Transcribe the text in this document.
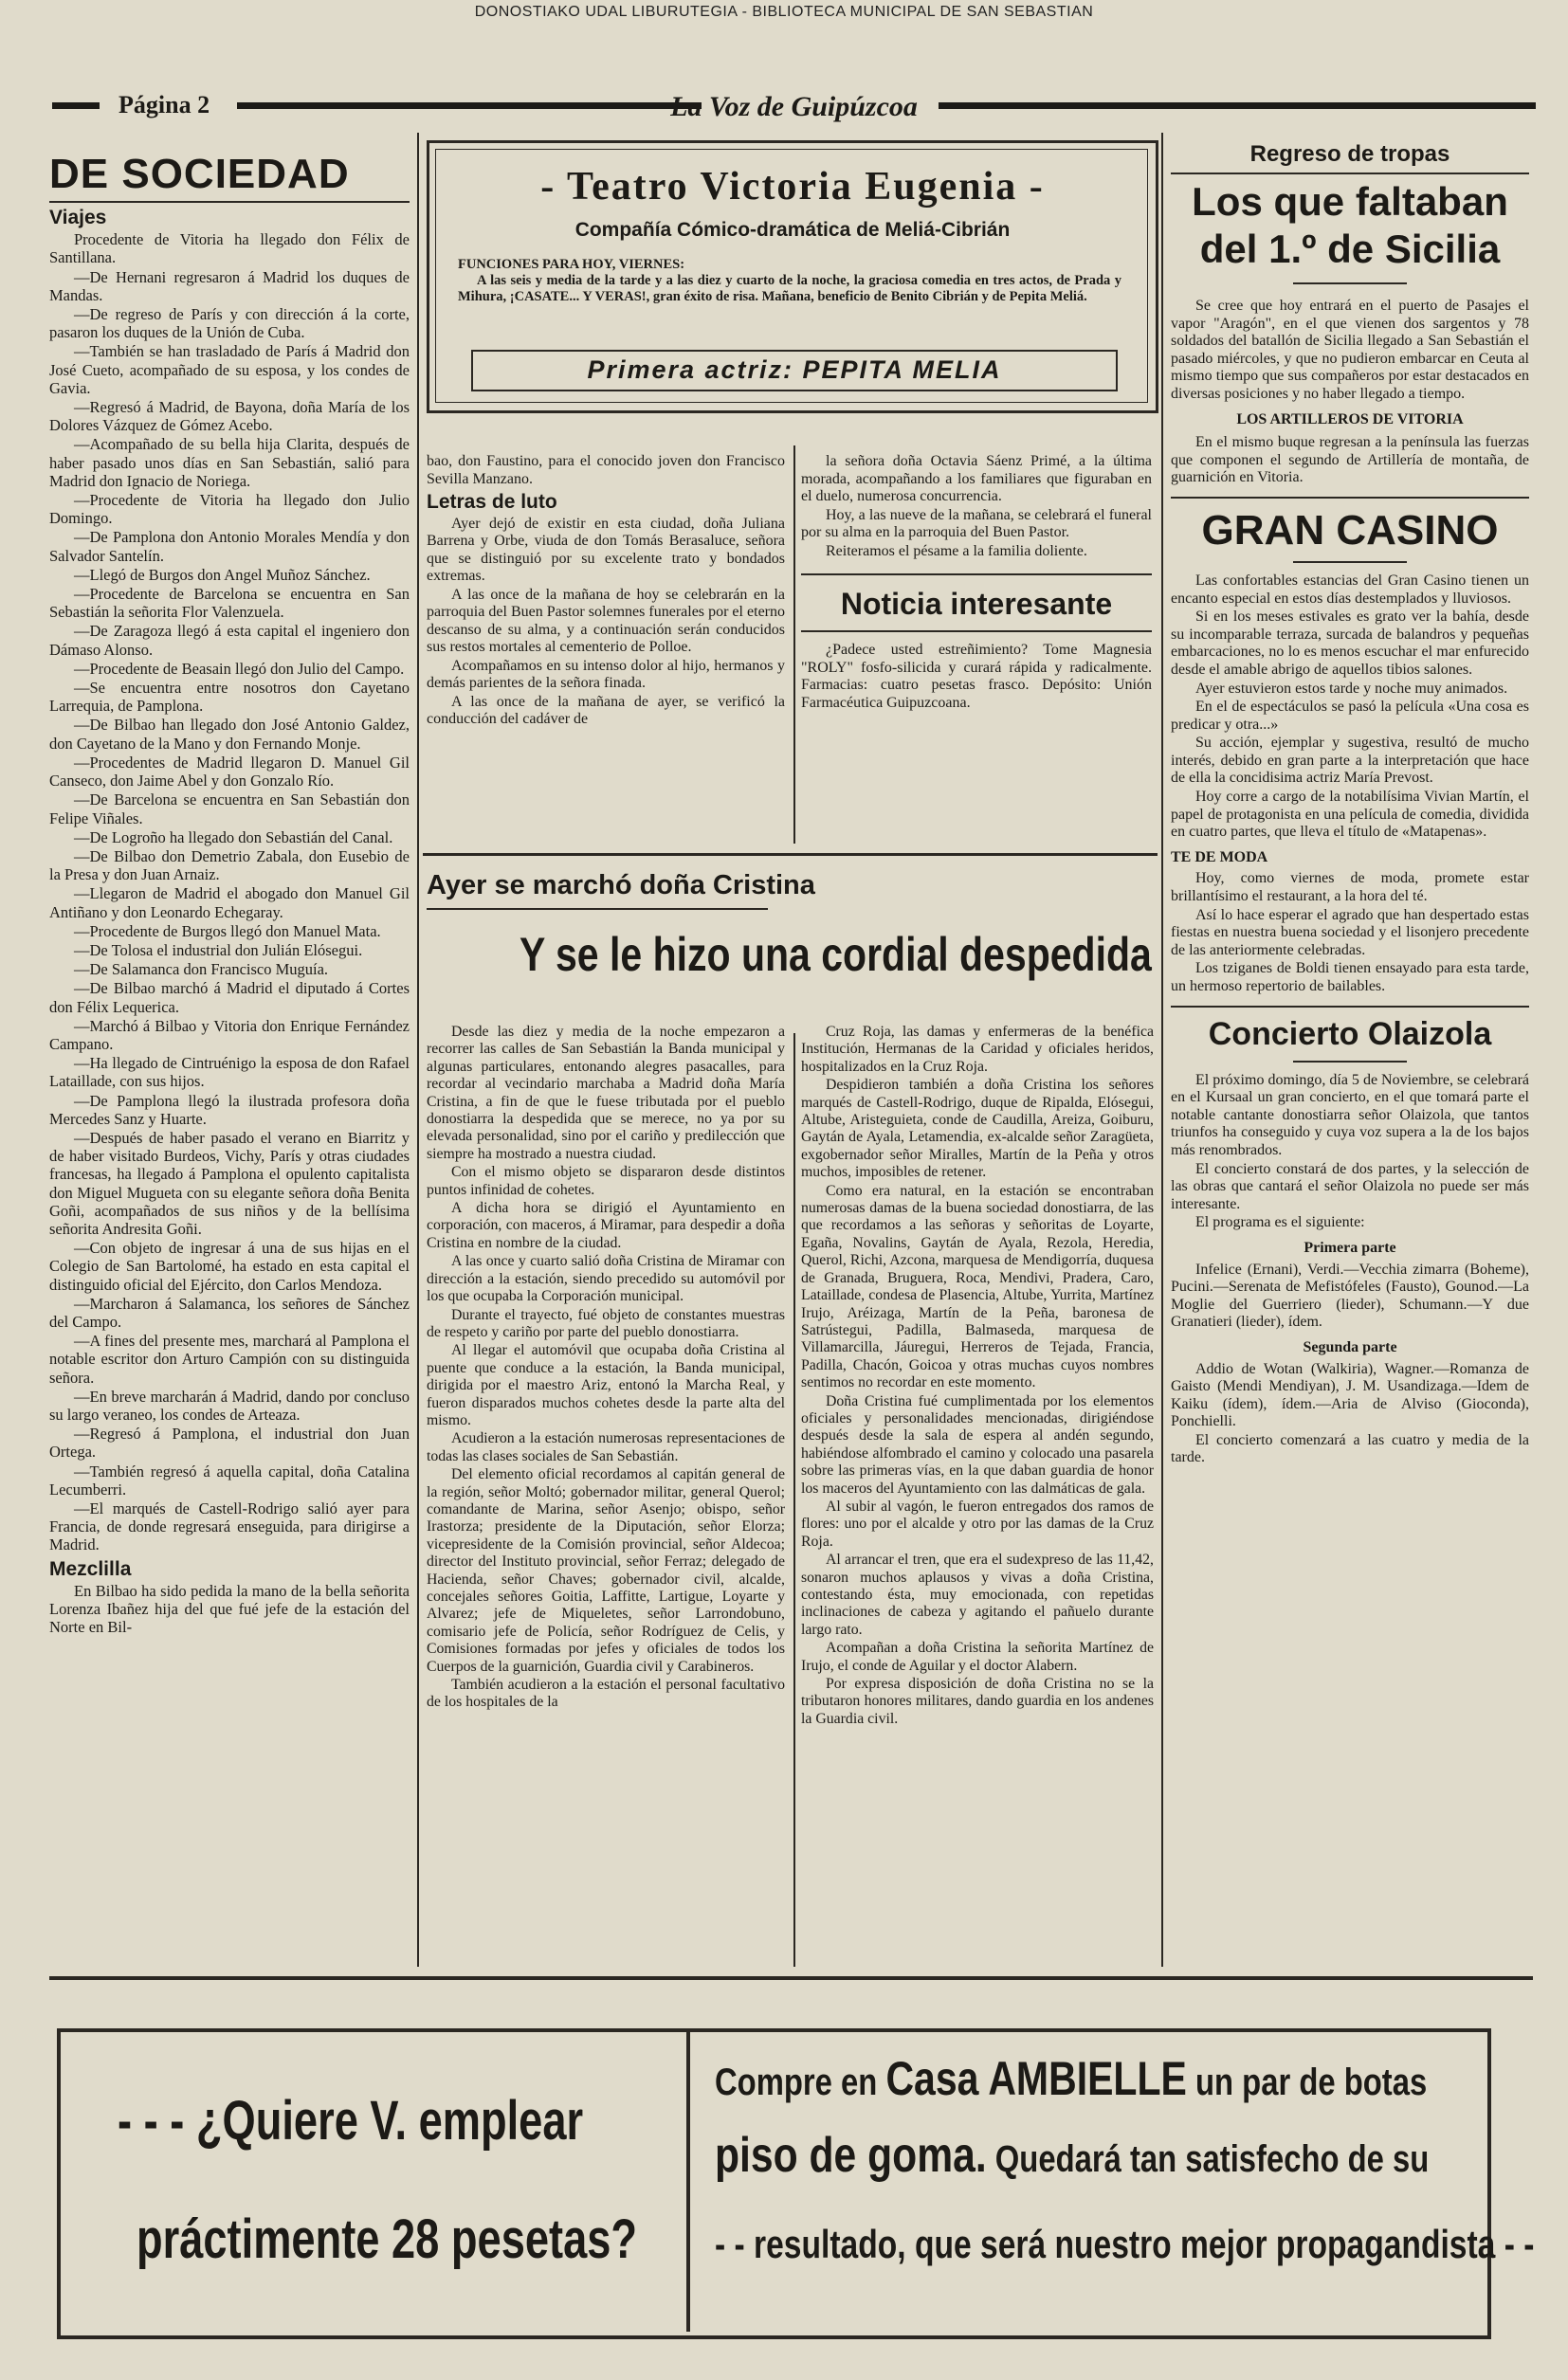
DONOSTIAKO UDAL LIBURUTEGIA - BIBLIOTECA MUNICIPAL DE SAN SEBASTIAN
Página 2	La Voz de Guipúzcoa
DE SOCIEDAD
Viajes

Procedente de Vitoria ha llegado don Félix de Santillana.

—De Hernani regresaron á Madrid los duques de Mandas.

—De regreso de París y con dirección á la corte, pasaron los duques de la Unión de Cuba.

—También se han trasladado de París á Madrid don José Cueto, acompañado de su esposa, y los condes de Gavia.

—Regresó á Madrid, de Bayona, doña María de los Dolores Vázquez de Gómez Acebo.

—Acompañado de su bella hija Clarita, después de haber pasado unos días en San Sebastián, salió para Madrid don Ignacio de Noriega.

—Procedente de Vitoria ha llegado don Julio Domingo.

—De Pamplona don Antonio Morales Mendía y don Salvador Santelín.

—Llegó de Burgos don Angel Muñoz Sánchez.

—Procedente de Barcelona se encuentra en San Sebastián la señorita Flor Valenzuela.

—De Zaragoza llegó á esta capital el ingeniero don Dámaso Alonso.

—Procedente de Beasain llegó don Julio del Campo.

—Se encuentra entre nosotros don Cayetano Larrequia, de Pamplona.

—De Bilbao han llegado don José Antonio Galdez, don Cayetano de la Mano y don Fernando Monje.

—Procedentes de Madrid llegaron D. Manuel Gil Canseco, don Jaime Abel y don Gonzalo Río.

—De Barcelona se encuentra en San Sebastián don Felipe Viñales.

—De Logroño ha llegado don Sebastián del Canal.

—De Bilbao don Demetrio Zabala, don Eusebio de la Presa y don Juan Arnaiz.

—Llegaron de Madrid el abogado don Manuel Gil Antiñano y don Leonardo Echegaray.

—Procedente de Burgos llegó don Manuel Mata.

—De Tolosa el industrial don Julián Elósegui.

—De Salamanca don Francisco Muguía.

—De Bilbao marchó á Madrid el diputado á Cortes don Félix Lequerica.

—Marchó á Bilbao y Vitoria don Enrique Fernández Campano.

—Ha llegado de Cintruénigo la esposa de don Rafael Lataillade, con sus hijos.

—De Pamplona llegó la ilustrada profesora doña Mercedes Sanz y Huarte.

—Después de haber pasado el verano en Biarritz y de haber visitado Burdeos, Vichy, París y otras ciudades francesas, ha llegado á Pamplona el opulento capitalista don Miguel Mugueta con su elegante señora doña Benita Goñi, acompañados de sus niños y de la bellísima señorita Andresita Goñi.

—Con objeto de ingresar á una de sus hijas en el Colegio de San Bartolomé, ha estado en esta capital el distinguido oficial del Ejército, don Carlos Mendoza.

—Marcharon á Salamanca, los señores de Sánchez del Campo.

—A fines del presente mes, marchará al Pamplona el notable escritor don Arturo Campión con su distinguida señora.

—En breve marcharán á Madrid, dando por concluso su largo veraneo, los condes de Arteaza.

—Regresó á Pamplona, el industrial don Juan Ortega.

—También regresó á aquella capital, doña Catalina Lecumberri.

—El marqués de Castell-Rodrigo salió ayer para Francia, de donde regresará enseguida, para dirigirse a Madrid.

Mezclilla

En Bilbao ha sido pedida la mano de la bella señorita Lorenza Ibañez hija del que fué jefe de la estación del Norte en Bil-

- Teatro Victoria Eugenia -
Compañía Cómico-dramática de Meliá-Cibrián
FUNCIONES PARA HOY, VIERNES:
A las seis y media de la tarde y a las diez y cuarto de la noche, la graciosa comedia en tres actos, de Prada y Mihura, ¡CASATE... Y VERAS!, gran éxito de risa. Mañana, beneficio de Benito Cibrián y de Pepita Meliá.
Primera actriz: PEPITA MELIA

bao, don Faustino, para el conocido joven don Francisco Sevilla Manzano.

Letras de luto

Ayer dejó de existir en esta ciudad, doña Juliana Barrena y Orbe, viuda de don Tomás Berasaluce, señora que se distinguió por su excelente trato y bondados extremas.

A las once de la mañana de hoy se celebrarán en la parroquia del Buen Pastor solemnes funerales por el eterno descanso de su alma, y a continuación serán conducidos sus restos mortales al cementerio de Polloe.

Acompañamos en su intenso dolor al hijo, hermanos y demás parientes de la señora finada.

A las once de la mañana de ayer, se verificó la conducción del cadáver de

la señora doña Octavia Sáenz Primé, a la última morada, acompañando a los familiares que figuraban en el duelo, numerosa concurrencia.

Hoy, a las nueve de la mañana, se celebrará el funeral por su alma en la parroquia del Buen Pastor.

Reiteramos el pésame a la familia doliente.

Noticia interesante

¿Padece usted estreñimiento? Tome Magnesia "ROLY" fosfo-silicida y curará rápida y radicalmente. Farmacias: cuatro pesetas frasco. Depósito: Unión Farmacéutica Guipuzcoana.

Ayer se marchó doña Cristina
Y se le hizo una cordial despedida

Desde las diez y media de la noche empezaron a recorrer las calles de San Sebastián la Banda municipal y algunas particulares, entonando alegres pasacalles, para recordar al vecindario marchaba a Madrid doña María Cristina, a fin de que le fuese tributada por el pueblo donostiarra la despedida que se merece, no ya por su elevada personalidad, sino por el cariño y predilección que siempre ha mostrado a nuestra ciudad.

Con el mismo objeto se dispararon desde distintos puntos infinidad de cohetes.

A dicha hora se dirigió el Ayuntamiento en corporación, con maceros, á Miramar, para despedir a doña Cristina en nombre de la ciudad.

A las once y cuarto salió doña Cristina de Miramar con dirección a la estación, siendo precedido su automóvil por los que ocupaba la Corporación municipal.

Durante el trayecto, fué objeto de constantes muestras de respeto y cariño por parte del pueblo donostiarra.

Al llegar el automóvil que ocupaba doña Cristina al puente que conduce a la estación, la Banda municipal, dirigida por el maestro Ariz, entonó la Marcha Real, y fueron disparados muchos cohetes desde la parte alta del mismo.

Acudieron a la estación numerosas representaciones de todas las clases sociales de San Sebastián.

Del elemento oficial recordamos al capitán general de la región, señor Moltó; gobernador militar, general Querol; comandante de Marina, señor Asenjo; obispo, señor Irastorza; presidente de la Diputación, señor Elorza; vicepresidente de la Comisión provincial, señor Aldecoa; director del Instituto provincial, señor Ferraz; delegado de Hacienda, señor Chaves; gobernador civil, alcalde, concejales señores Goitia, Laffitte, Lartigue, Loyarte y Alvarez; jefe de Miqueletes, señor Larrondobuno, comisario jefe de Policía, señor Rodríguez de Celis, y Comisiones formadas por jefes y oficiales de todos los Cuerpos de la guarnición, Guardia civil y Carabineros.

También acudieron a la estación el personal facultativo de los hospitales de la

Cruz Roja, las damas y enfermeras de la benéfica Institución, Hermanas de la Caridad y oficiales heridos, hospitalizados en la Cruz Roja.

Despidieron también a doña Cristina los señores marqués de Castell-Rodrigo, duque de Ripalda, Elósegui, Altube, Aristeguieta, conde de Caudilla, Areiza, Goiburu, Gaytán de Ayala, Letamendia, ex-alcalde señor Zaragüeta, exgobernador señor Miralles, Martín de la Peña y otros muchos, imposibles de retener.

Como era natural, en la estación se encontraban numerosas damas de la buena sociedad donostiarra, de las que recordamos a las señoras y señoritas de Loyarte, Egaña, Novalins, Gaytán de Ayala, Rezola, Heredia, Querol, Richi, Azcona, marquesa de Mendigorría, duquesa de Granada, Bruguera, Roca, Mendivi, Pradera, Caro, Lataillade, condesa de Plasencia, Altube, Yurrita, Martínez Irujo, Aréizaga, Martín de la Peña, baronesa de Satrústegui, Padilla, Balmaseda, marquesa de Villamarcilla, Jáuregui, Herreros de Tejada, Francia, Padilla, Chacón, Goicoa y otras muchas cuyos nombres sentimos no recordar en este momento.

Doña Cristina fué cumplimentada por los elementos oficiales y personalidades mencionadas, dirigiéndose después desde la sala de espera al andén segundo, habiéndose alfombrado el camino y colocado una pasarela sobre las primeras vías, en la que daban guardia de honor los maceros del Ayuntamiento con las dalmáticas de gala.

Al subir al vagón, le fueron entregados dos ramos de flores: uno por el alcalde y otro por las damas de la Cruz Roja.

Al arrancar el tren, que era el sudexpreso de las 11,42, sonaron muchos aplausos y vivas a doña Cristina, contestando ésta, muy emocionada, con repetidas inclinaciones de cabeza y agitando el pañuelo durante largo rato.

Acompañan a doña Cristina la señorita Martínez de Irujo, el conde de Aguilar y el doctor Alabern.

Por expresa disposición de doña Cristina no se la tributaron honores militares, dando guardia en los andenes la Guardia civil.

Regreso de tropas
Los que faltaban del 1.º de Sicilia

Se cree que hoy entrará en el puerto de Pasajes el vapor "Aragón", en el que vienen dos sargentos y 78 soldados del batallón de Sicilia llegado a San Sebastián el pasado miércoles, y que no pudieron embarcar en Ceuta al mismo tiempo que sus compañeros por estar destacados en diversas posiciones y no haber llegado a tiempo.

LOS ARTILLEROS DE VITORIA

En el mismo buque regresan a la península las fuerzas que componen el segundo de Artillería de montaña, de guarnición en Vitoria.

GRAN CASINO

Las confortables estancias del Gran Casino tienen un encanto especial en estos días destemplados y lluviosos.

Si en los meses estivales es grato ver la bahía, desde su incomparable terraza, surcada de balandros y pequeñas embarcaciones, no lo es menos escuchar el mar enfurecido desde el amable abrigo de aquellos tibios salones.

Ayer estuvieron estos tarde y noche muy animados.

En el de espectáculos se pasó la película «Una cosa es predicar y otra...»

Su acción, ejemplar y sugestiva, resultó de mucho interés, debido en gran parte a la interpretación que hace de ella la concidisima actriz María Prevost.

Hoy corre a cargo de la notabilísima Vivian Martín, el papel de protagonista en una película de comedia, dividida en cuatro partes, que lleva el título de «Matapenas».

TE DE MODA

Hoy, como viernes de moda, promete estar brillantísimo el restaurant, a la hora del té.

Así lo hace esperar el agrado que han despertado estas fiestas en nuestra buena sociedad y el lisonjero precedente de las anteriormente celebradas.

Los tziganes de Boldi tienen ensayado para esta tarde, un hermoso repertorio de bailables.

Concierto Olaizola

El próximo domingo, día 5 de Noviembre, se celebrará en el Kursaal un gran concierto, en el que tomará parte el notable cantante donostiarra señor Olaizola, que tantos triunfos ha conseguido y cuya voz supera a la de los bajos más renombrados.

El concierto constará de dos partes, y la selección de las obras que cantará el señor Olaizola no puede ser más interesante.

El programa es el siguiente:

Primera parte

Infelice (Ernani), Verdi.—Vecchia zimarra (Boheme), Pucini.—Serenata de Mefistófeles (Fausto), Gounod.—La Moglie del Guerriero (lieder), Schumann.—Y due Granatieri (lieder), ídem.

Segunda parte

Addio de Wotan (Walkiria), Wagner.—Romanza de Gaisto (Mendi Mendiyan), J. M. Usandizaga.—Idem de Kaiku (ídem), ídem.—Aria de Alviso (Gioconda), Ponchielli.

El concierto comenzará a las cuatro y media de la tarde.

- - - ¿Quiere V. emplear
práctimente 28 pesetas?
Compre en Casa AMBIELLE un par de botas
piso de goma. Quedará tan satisfecho de su
- - resultado, que será nuestro mejor propagandista - -
